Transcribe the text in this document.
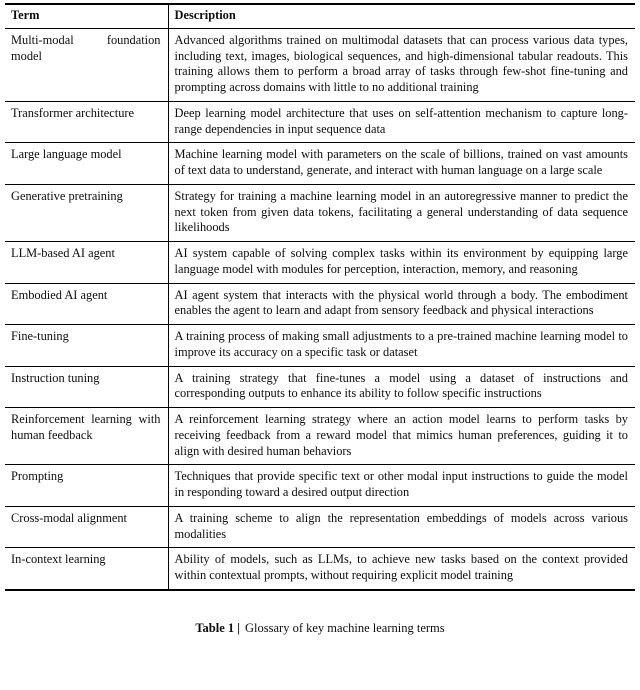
Term	Description
Multi-modal foundation model	Advanced algorithms trained on multimodal datasets that can process various data types, including text, images, biological sequences, and high-dimensional tabular readouts. This training allows them to perform a broad array of tasks through few-shot fine-tuning and prompting across domains with little to no additional training
Transformer architecture	Deep learning model architecture that uses on self-attention mechanism to capture long-range dependencies in input sequence data
Large language model	Machine learning model with parameters on the scale of billions, trained on vast amounts of text data to understand, generate, and interact with human language on a large scale
Generative pretraining	Strategy for training a machine learning model in an autoregressive manner to predict the next token from given data tokens, facilitating a general understanding of data sequence likelihoods
LLM-based AI agent	AI system capable of solving complex tasks within its environment by equipping large language model with modules for perception, interaction, memory, and reasoning
Embodied AI agent	AI agent system that interacts with the physical world through a body. The embodiment enables the agent to learn and adapt from sensory feedback and physical interactions
Fine-tuning	A training process of making small adjustments to a pre-trained machine learning model to improve its accuracy on a specific task or dataset
Instruction tuning	A training strategy that fine-tunes a model using a dataset of instructions and corresponding outputs to enhance its ability to follow specific instructions
Reinforcement learning with human feedback	A reinforcement learning strategy where an action model learns to perform tasks by receiving feedback from a reward model that mimics human preferences, guiding it to align with desired human behaviors
Prompting	Techniques that provide specific text or other modal input instructions to guide the model in responding toward a desired output direction
Cross-modal alignment	A training scheme to align the representation embeddings of models across various modalities
In-context learning	Ability of models, such as LLMs, to achieve new tasks based on the context provided within contextual prompts, without requiring explicit model training
Table 1 | Glossary of key machine learning terms
